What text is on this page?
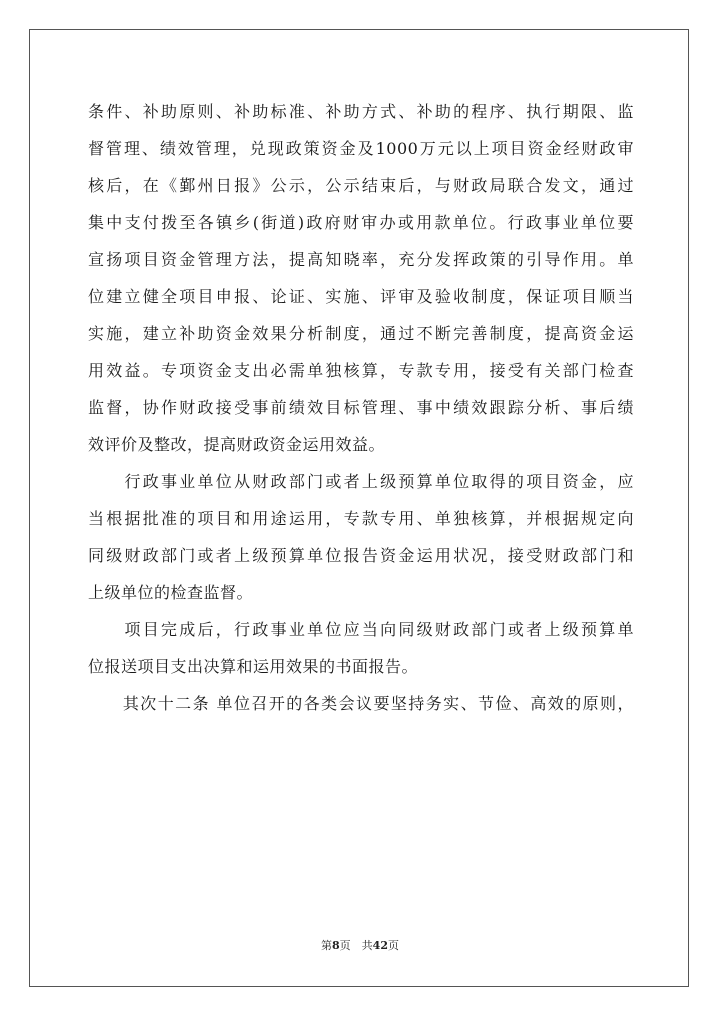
条件、补助原则、补助标准、补助方式、补助的程序、执行期限、监
督管理、绩效管理，兑现政策资金及1000万元以上项目资金经财政审
核后，在《鄞州日报》公示，公示结束后，与财政局联合发文，通过
集中支付拨至各镇乡(街道)政府财审办或用款单位。行政事业单位要
宣扬项目资金管理方法，提高知晓率，充分发挥政策的引导作用。单
位建立健全项目申报、论证、实施、评审及验收制度，保证项目顺当
实施，建立补助资金效果分析制度，通过不断完善制度，提高资金运
用效益。专项资金支出必需单独核算，专款专用，接受有关部门检查
监督，协作财政接受事前绩效目标管理、事中绩效跟踪分析、事后绩
效评价及整改，提高财政资金运用效益。
　　行政事业单位从财政部门或者上级预算单位取得的项目资金，应
当根据批准的项目和用途运用，专款专用、单独核算，并根据规定向
同级财政部门或者上级预算单位报告资金运用状况，接受财政部门和
上级单位的检查监督。
　　项目完成后，行政事业单位应当向同级财政部门或者上级预算单
位报送项目支出决算和运用效果的书面报告。
　　其次十二条 单位召开的各类会议要坚持务实、节俭、高效的原则，
第8页　共42页
